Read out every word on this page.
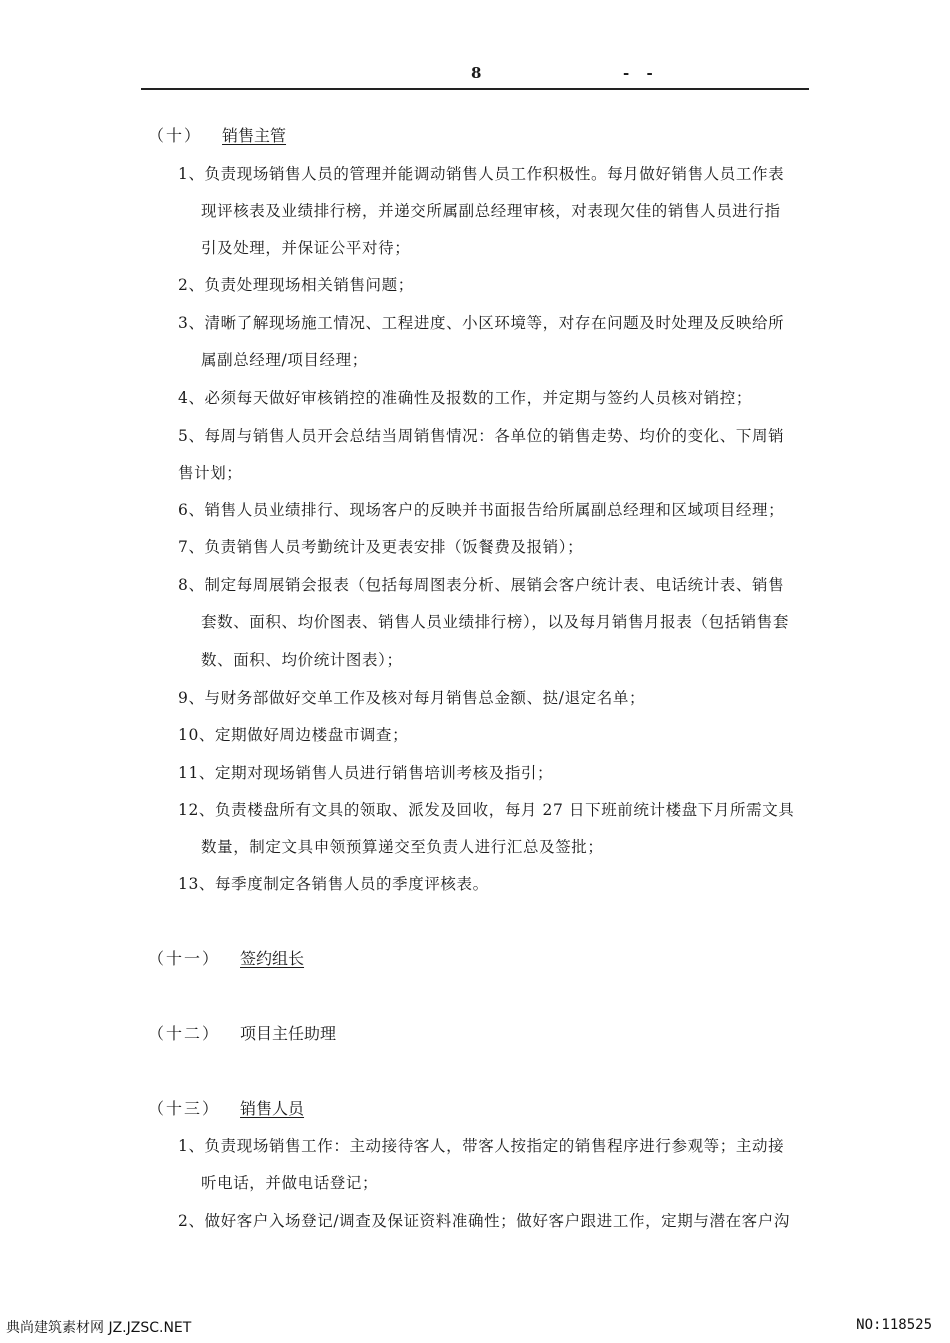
8	- -
（十） 销售主管
1、负责现场销售人员的管理并能调动销售人员工作积极性。每月做好销售人员工作表
现评核表及业绩排行榜，并递交所属副总经理审核，对表现欠佳的销售人员进行指
引及处理，并保证公平对待；
2、负责处理现场相关销售问题；
3、清晰了解现场施工情况、工程进度、小区环境等，对存在问题及时处理及反映给所
属副总经理/项目经理；
4、必须每天做好审核销控的准确性及报数的工作，并定期与签约人员核对销控；
5、每周与销售人员开会总结当周销售情况：各单位的销售走势、均价的变化、下周销
售计划；
6、销售人员业绩排行、现场客户的反映并书面报告给所属副总经理和区域项目经理；
7、负责销售人员考勤统计及更表安排（饭餐费及报销）；
8、制定每周展销会报表（包括每周图表分析、展销会客户统计表、电话统计表、销售
套数、面积、均价图表、销售人员业绩排行榜），以及每月销售月报表（包括销售套
数、面积、均价统计图表）；
9、与财务部做好交单工作及核对每月销售总金额、挞/退定名单；
10、定期做好周边楼盘市调查；
11、定期对现场销售人员进行销售培训考核及指引；
12、负责楼盘所有文具的领取、派发及回收，每月 27 日下班前统计楼盘下月所需文具
数量，制定文具申领预算递交至负责人进行汇总及签批；
13、每季度制定各销售人员的季度评核表。
（十一） 签约组长
（十二） 项目主任助理
（十三） 销售人员
1、负责现场销售工作：主动接待客人，带客人按指定的销售程序进行参观等；主动接
听电话，并做电话登记；
2、做好客户入场登记/调查及保证资料准确性；做好客户跟进工作，定期与潜在客户沟
典尚建筑素材网 JZ.JZSC.NET	NO:118525
